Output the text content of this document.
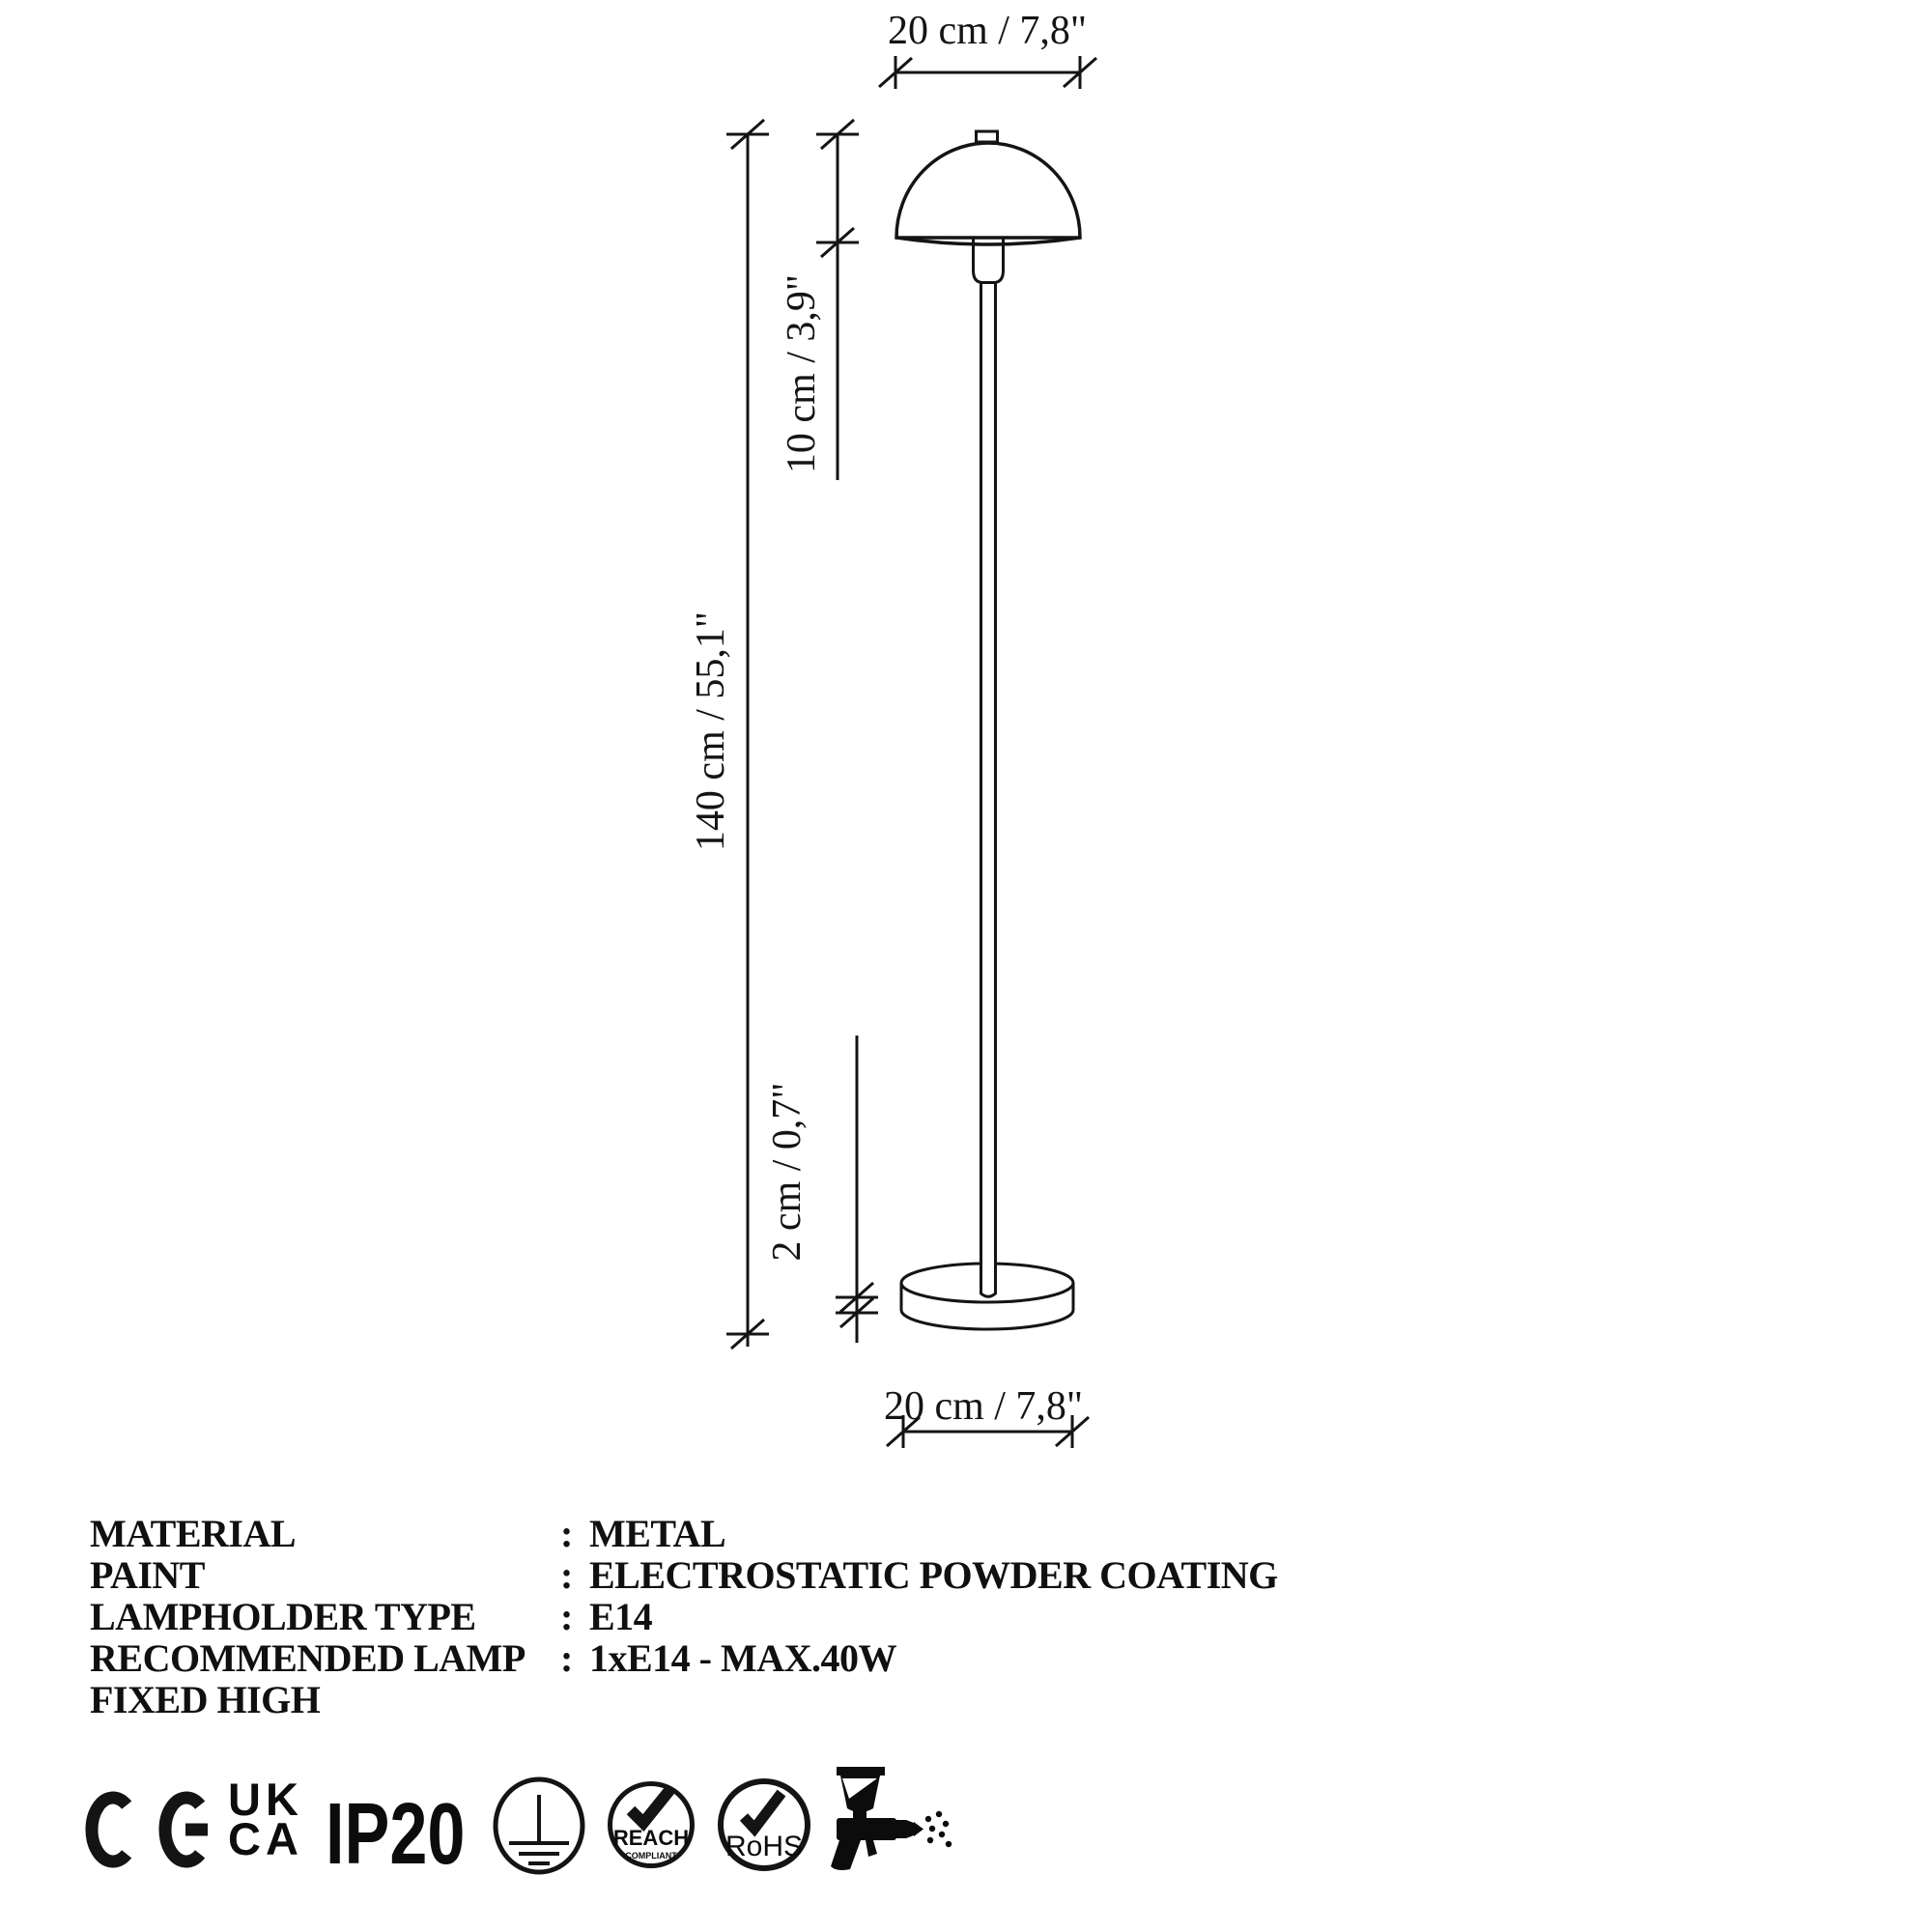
REACH
COMPLIANT RoHS
20 cm / 7,8"
10 cm / 3,9"
140 cm / 55,1"
2 cm / 0,7"
20 cm / 7,8"
MATERIAL	: METAL
PAINT	: ELECTROSTATIC POWDER COATING
LAMPHOLDER TYPE	: E14
RECOMMENDED LAMP : 1xE14 - MAX.40W
FIXED HIGH
UK
CA IP20
